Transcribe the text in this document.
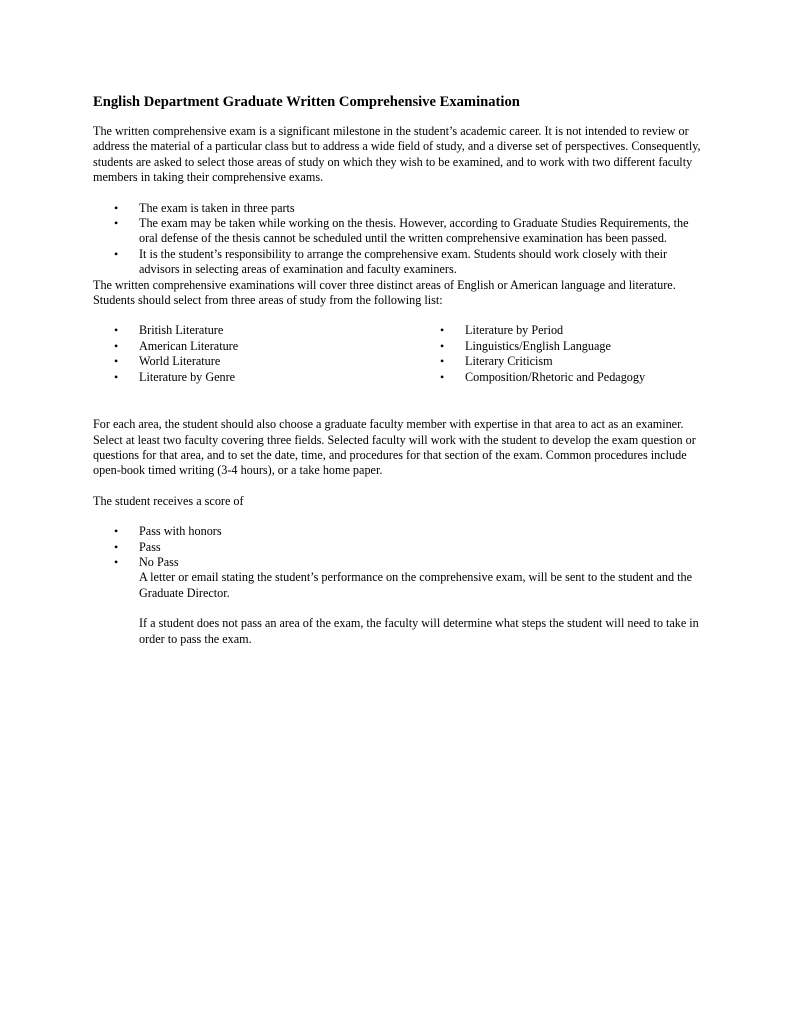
English Department Graduate Written Comprehensive Examination

The written comprehensive exam is a significant milestone in the student’s academic career. It is not intended to review or address the material of a particular class but to address a wide field of study, and a diverse set of perspectives. Consequently, students are asked to select those areas of study on which they wish to be examined, and to work with two different faculty members in taking their comprehensive exams.

• The exam is taken in three parts
• The exam may be taken while working on the thesis. However, according to Graduate Studies Requirements, the oral defense of the thesis cannot be scheduled until the written comprehensive examination has been passed.
• It is the student’s responsibility to arrange the comprehensive exam. Students should work closely with their advisors in selecting areas of examination and faculty examiners.

The written comprehensive examinations will cover three distinct areas of English or American language and literature. Students should select from three areas of study from the following list:

• British Literature
• American Literature
• World Literature
• Literature by Genre
• Literature by Period
• Linguistics/English Language
• Literary Criticism
• Composition/Rhetoric and Pedagogy

For each area, the student should also choose a graduate faculty member with expertise in that area to act as an examiner. Select at least two faculty covering three fields. Selected faculty will work with the student to develop the exam question or questions for that area, and to set the date, time, and procedures for that section of the exam. Common procedures include open-book timed writing (3-4 hours), or a take home paper.

The student receives a score of

• Pass with honors
• Pass
• No Pass

A letter or email stating the student’s performance on the comprehensive exam, will be sent to the student and the Graduate Director.

If a student does not pass an area of the exam, the faculty will determine what steps the student will need to take in order to pass the exam.
